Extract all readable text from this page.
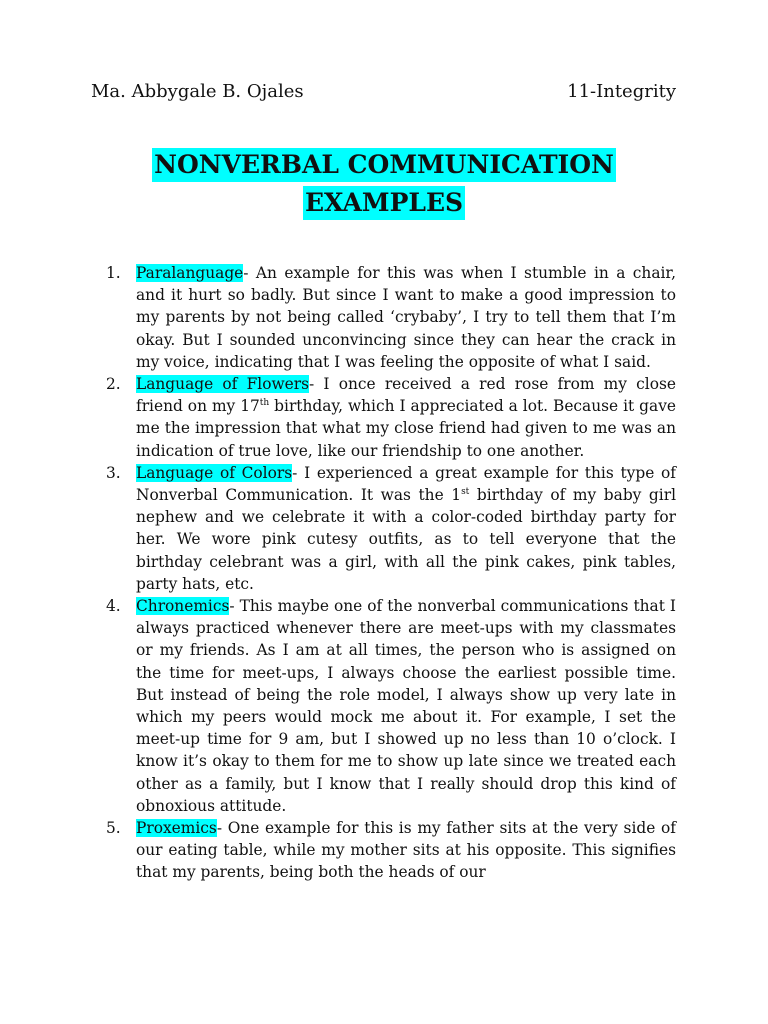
Ma. Abbygale B. Ojales	11-Integrity
NONVERBAL COMMUNICATION
EXAMPLES
1. Paralanguage- An example for this was when I stumble in a chair, and it hurt so badly. But since I want to make a good impression to my parents by not being called ‘crybaby’, I try to tell them that I’m okay. But I sounded unconvincing since they can hear the crack in my voice, indicating that I was feeling the opposite of what I said.
2. Language of Flowers- I once received a red rose from my close friend on my 17th birthday, which I appreciated a lot. Because it gave me the impression that what my close friend had given to me was an indication of true love, like our friendship to one another.
3. Language of Colors- I experienced a great example for this type of Nonverbal Communication. It was the 1st birthday of my baby girl nephew and we celebrate it with a color-coded birthday party for her. We wore pink cutesy outfits, as to tell everyone that the birthday celebrant was a girl, with all the pink cakes, pink tables, party hats, etc.
4. Chronemics- This maybe one of the nonverbal communications that I always practiced whenever there are meet-ups with my classmates or my friends. As I am at all times, the person who is assigned on the time for meet-ups, I always choose the earliest possible time. But instead of being the role model, I always show up very late in which my peers would mock me about it. For example, I set the meet-up time for 9 am, but I showed up no less than 10 o’clock. I know it’s okay to them for me to show up late since we treated each other as a family, but I know that I really should drop this kind of obnoxious attitude.
5. Proxemics- One example for this is my father sits at the very side of our eating table, while my mother sits at his opposite. This signifies that my parents, being both the heads of our
